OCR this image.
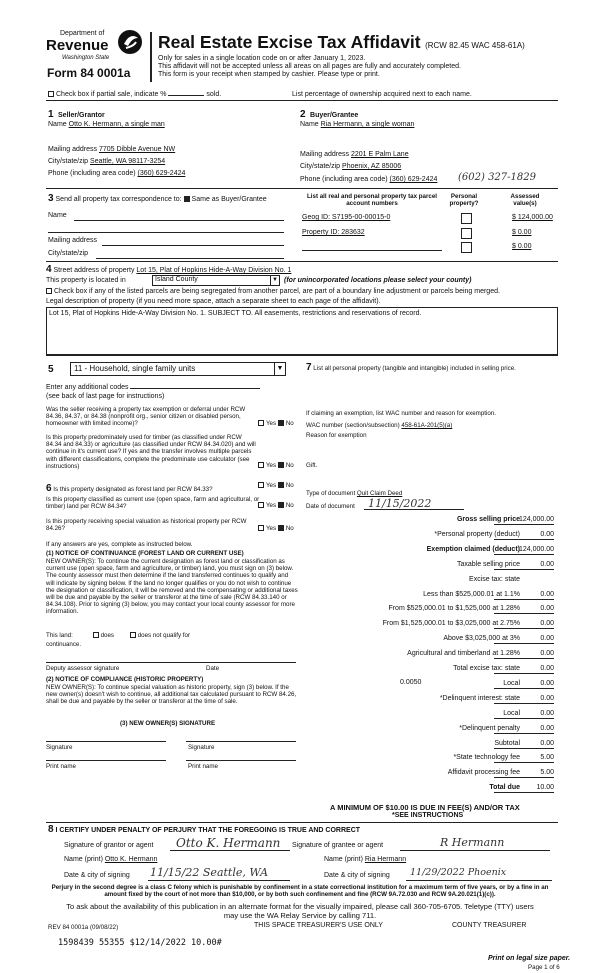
Department of
Revenue
Washington State
Form 84 0001a
Real Estate Excise Tax Affidavit (RCW 82.45 WAC 458-61A)
Only for sales in a single location code on or after January 1, 2023.
This affidavit will not be accepted unless all areas on all pages are fully and accurately completed.
This form is your receipt when stamped by cashier. Please type or print.
Check box if partial sale, indicate %	sold.	List percentage of ownership acquired next to each name.
1 Seller/Grantor
Name Otto K. Hermann, a single man
Mailing address 7705 Dibble Avenue NW
City/state/zip Seattle, WA 98117-3254
Phone (including area code) (360) 629-2424
2 Buyer/Grantee
Name Ria Hermann, a single woman
Mailing address 2201 E Palm Lane
City/state/zip Phoenix, AZ 85006
Phone (including area code) (360) 629-2424 (602) 327-1829
3 Send all property tax correspondence to: Same as Buyer/Grantee
Name
Mailing address
City/state/zip
List all real and personal property tax parcel account numbers
Personal property?
Assessed value(s)
Geog ID: S7195-00-00015-0	$ 124,000.00
Property ID: 283632	$ 0.00
$ 0.00
4 Street address of property Lot 15, Plat of Hopkins Hide-A-Way Division No. 1
This property is located in	Island County	▼ (for unincorporated locations please select your county)
Check box if any of the listed parcels are being segregated from another parcel, are part of a boundary line adjustment or parcels being merged.
Legal description of property (if you need more space, attach a separate sheet to each page of the affidavit).
Lot 15, Plat of Hopkins Hide-A-Way Division No. 1. SUBJECT TO. All easements, restrictions and reservations of record.
5	11 - Household, single family units	▼
Enter any additional codes
(see back of last page for instructions)
Was the seller receiving a property tax exemption or deferral under RCW 84.36, 84.37, or 84.38 (nonprofit org., senior citizen or disabled person, homeowner with limited income)?	Yes No
Is this property predominately used for timber (as classified under RCW 84.34 and 84.33) or agriculture (as classified under RCW 84.34.020) and will continue in it's current use? If yes and the transfer involves multiple parcels with different classifications, complete the predominate use calculator (see instructions)	Yes No
6 Is this property designated as forest land per RCW 84.33?
Yes No
Is this property classified as current use (open space, farm and agricultural, or timber) land per RCW 84.34?	Yes No
Is this property receiving special valuation as historical property per RCW 84.26?	Yes No
If any answers are yes, complete as instructed below.
(1) NOTICE OF CONTINUANCE (FOREST LAND OR CURRENT USE)
NEW OWNER(S): To continue the current designation as forest land or classification as current use (open space, farm and agriculture, or timber) land, you must sign on (3) below. The county assessor must then determine if the land transferred continues to qualify and will indicate by signing below. If the land no longer qualifies or you do not wish to continue the designation or classification, it will be removed and the compensating or additional taxes will be due and payable by the seller or transferor at the time of sale (RCW 84.33.140 or 84.34.108). Prior to signing (3) below, you may contact your local county assessor for more information.
This land:	does	does not qualify for
continuance.
Deputy assessor signature	Date
(2) NOTICE OF COMPLIANCE (HISTORIC PROPERTY)
NEW OWNER(S): To continue special valuation as historic property, sign (3) below. If the new owner(s) doesn't wish to continue, all additional tax calculated pursuant to RCW 84.26, shall be due and payable by the seller or transferor at the time of sale.
(3) NEW OWNER(S) SIGNATURE
Signature	Signature
Print name	Print name
7 List all personal property (tangible and intangible) included in selling price.
If claiming an exemption, list WAC number and reason for exemption.
WAC number (section/subsection) 458-61A-201(5)(a)
Reason for exemption
Gift.
Type of document Quit Claim Deed
Date of document 11/15/2022
Gross selling price
124,000.00
*Personal property (deduct)	0.00
Exemption claimed (deduct)
124,000.00
Taxable selling price	0.00
Excise tax: state
Less than $525,000.01 at 1.1%	0.00
From $525,000.01 to $1,525,000 at 1.28%	0.00
From $1,525,000.01 to $3,025,000 at 2.75%	0.00
Above $3,025,000 at 3%	0.00
Agricultural and timberland at 1.28%	0.00
Total excise tax: state	0.00
Local	0.00
*Delinquent interest: state	0.00
Local	0.00
*Delinquent penalty	0.00
Subtotal	0.00
*State technology fee	5.00
Affidavit processing fee	5.00
Total due	10.00
0.0050
A MINIMUM OF $10.00 IS DUE IN FEE(S) AND/OR TAX
*SEE INSTRUCTIONS
8 I CERTIFY UNDER PENALTY OF PERJURY THAT THE FOREGOING IS TRUE AND CORRECT
Signature of grantor or agent Otto K. Hermann Signature of grantee or agent	R Hermann
Name (print) Otto K. Hermann	Name (print) Ria Hermann
Date & city of signing 11/15/22 Seattle, WA	Date & city of signing 11/29/2022 Phoenix
Perjury in the second degree is a class C felony which is punishable by confinement in a state correctional institution for a maximum term of five years, or by a fine in an amount fixed by the court of not more than $10,000, or by both such confinement and fine (RCW 9A.72.030 and RCW 9A.20.021(1)(c)).
To ask about the availability of this publication in an alternate format for the visually impaired, please call 360-705-6705. Teletype (TTY) users may use the WA Relay Service by calling 711.
REV 84 0001a (09/08/22)	THIS SPACE TREASURER'S USE ONLY	COUNTY TREASURER
Print on legal size paper.
Page 1 of 6
1598439 55355 $12/14/2022 10.00#
